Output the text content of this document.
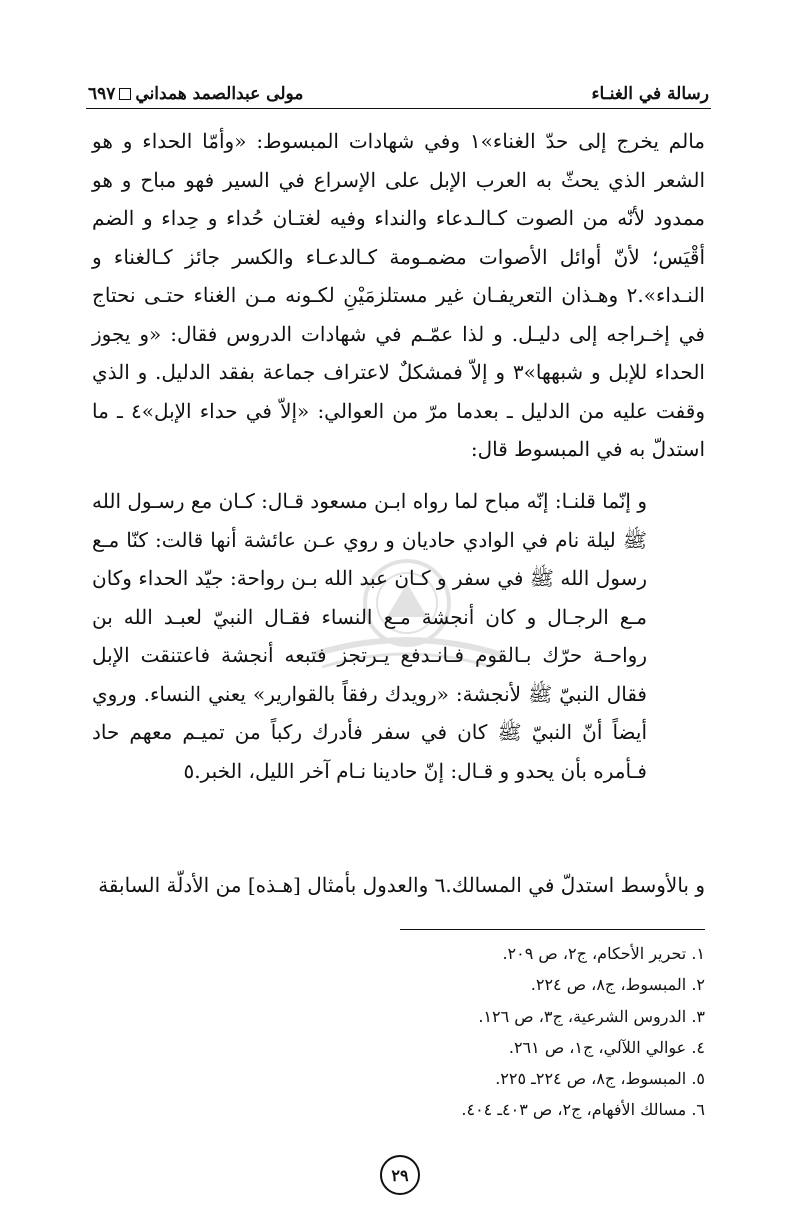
رسالة في الغنـاء
٦٩٧ مولى عبدالصمد همداني

مالم يخرج إلى حدّ الغناء»١ وفي شهادات المبسوط: «وأمّا الحداء و هو الشعر الذي يحثّ به العرب الإبل على الإسراع في السير فهو مباح و هو ممدود لأنّه من الصوت كـالـدعاء والنداء وفيه لغتـان حُداء و حِداء و الضم أقْيَس؛ لأنّ أوائل الأصوات مضمـومة كـالدعـاء والكسر جائز كـالغناء و النـداء».٢ وهـذان التعريفـان غير مستلزمَيْنِ لكـونه مـن الغناء حتـى نحتاج في إخـراجه إلى دليـل. و لذا عمّـم في شهادات الدروس فقال: «و يجوز الحداء للإبل و شبهها»٣ و إلاّ فمشكلٌ لاعتراف جماعة بفقد الدليل. و الذي وقفت عليه من الدليل ـ بعدما مرّ من العوالي: «إلاّ في حداء الإبل»٤ ـ ما استدلّ به في المبسوط قال:

و إنّما قلنـا: إنّه مباح لما رواه ابـن مسعود قـال: كـان مع رسـول الله ﷺ ليلة نام في الوادي حاديان و روي عـن عائشة أنها قالت: كنّا مـع رسول الله ﷺ في سفر و كـان عبد الله بـن رواحة: جيّد الحداء وكان مـع الرجـال و كان أنجشة مـع النساء فقـال النبيّ لعبـد الله بن رواحـة حرّك بـالقوم فـانـدفع يـرتجز فتبعه أنجشة فاعتنقت الإبل فقال النبيّ ﷺ لأنجشة: «رويدك رفقاً بالقوارير» يعني النساء. وروي أيضاً أنّ النبيّ ﷺ كان في سفر فأدرك ركباً من تميـم معهم حاد فـأمره بأن يحدو و قـال: إنّ حادينا نـام آخر الليل، الخبر.٥

و بالأوسط استدلّ في المسالك.٦ والعدول بأمثال [هـذه] من الأدلّة السابقة
١. تحرير الأحكام، ج٢، ص ٢٠٩.
٢. المبسوط، ج٨، ص ٢٢٤.
٣. الدروس الشرعية، ج٣، ص ١٢٦.
٤. عوالي اللآلي، ج١، ص ٢٦١.
٥. المبسوط، ج٨، ص ٢٢٤ـ ٢٢٥.
٦. مسالك الأفهام، ج٢، ص ٤٠٣ـ ٤٠٤.
٢٩
